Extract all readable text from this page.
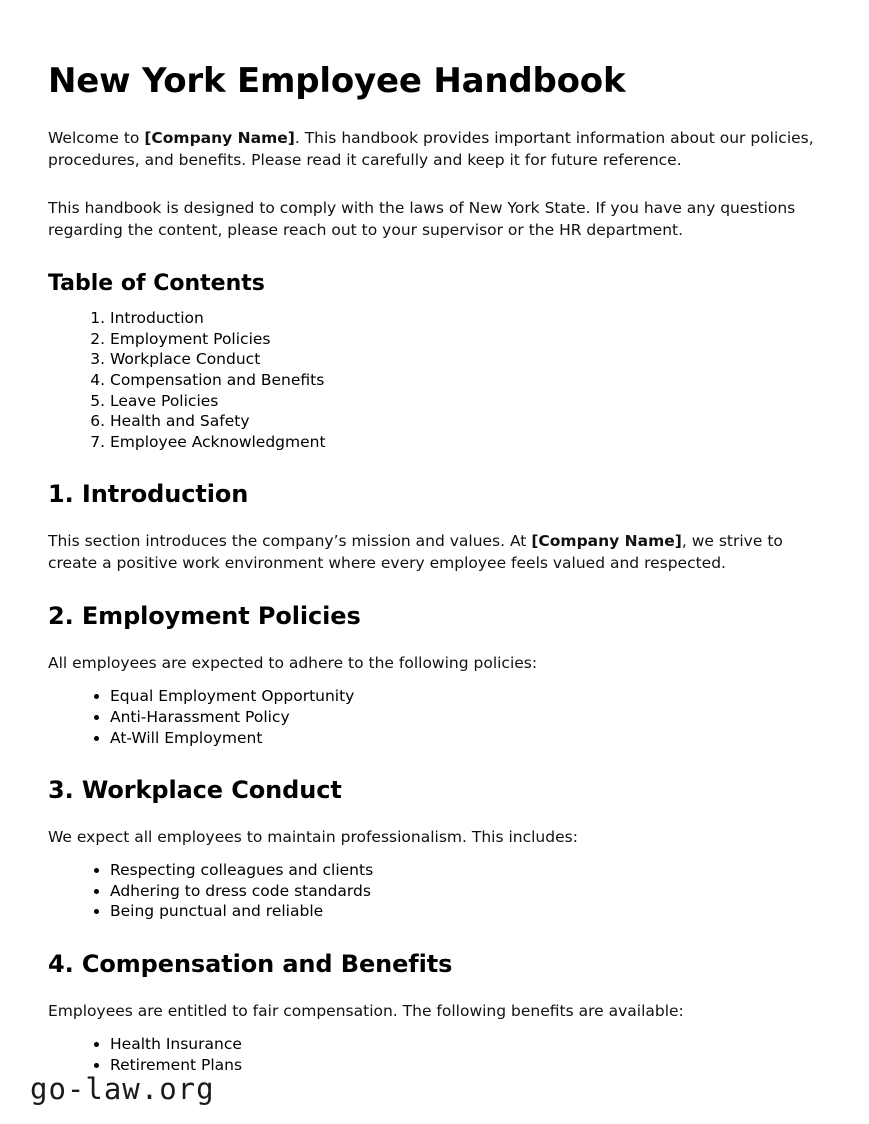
New York Employee Handbook

Welcome to [Company Name]. This handbook provides important information about our policies, procedures, and benefits. Please read it carefully and keep it for future reference.

This handbook is designed to comply with the laws of New York State. If you have any questions regarding the content, please reach out to your supervisor or the HR department.

Table of Contents
1. Introduction
2. Employment Policies
3. Workplace Conduct
4. Compensation and Benefits
5. Leave Policies
6. Health and Safety
7. Employee Acknowledgment
1. Introduction

This section introduces the company’s mission and values. At [Company Name], we strive to create a positive work environment where every employee feels valued and respected.

2. Employment Policies

All employees are expected to adhere to the following policies:

• Equal Employment Opportunity
• Anti-Harassment Policy
• At-Will Employment
3. Workplace Conduct

We expect all employees to maintain professionalism. This includes:

• Respecting colleagues and clients
• Adhering to dress code standards
• Being punctual and reliable
4. Compensation and Benefits

Employees are entitled to fair compensation. The following benefits are available:

• Health Insurance
• Retirement Plans
go-law.org
